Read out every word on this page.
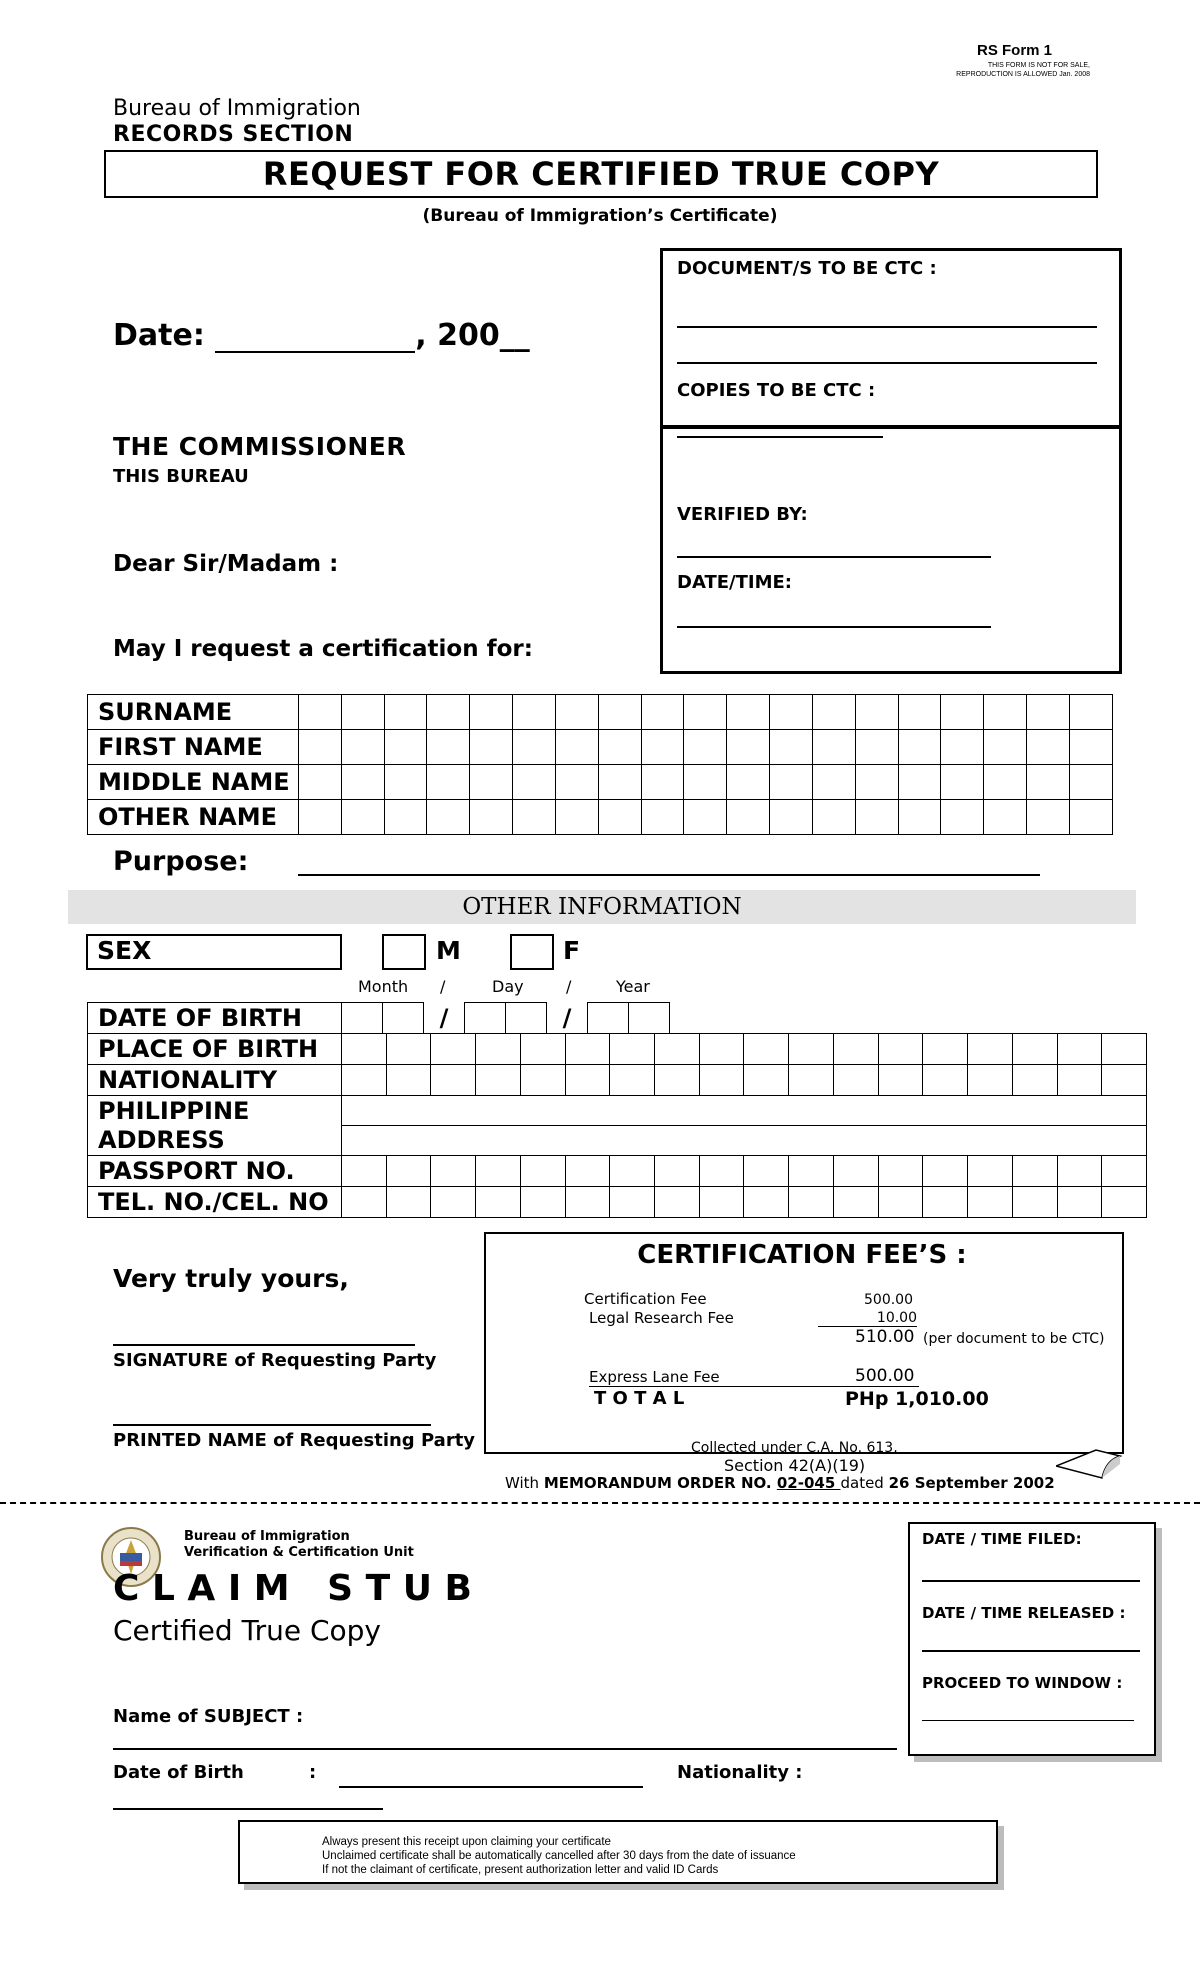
RS Form 1
THIS FORM IS NOT FOR SALE,
REPRODUCTION IS ALLOWED Jan. 2008
Bureau of Immigration
RECORDS SECTION
REQUEST FOR CERTIFIED TRUE COPY
(Bureau of Immigration’s Certificate)
Date:	, 200__
THE COMMISSIONER
THIS BUREAU
Dear Sir/Madam :
May I request a certification for:
DOCUMENT/S TO BE CTC :
COPIES TO BE CTC :
VERIFIED BY:
DATE/TIME:
SURNAME																			
FIRST NAME																			
MIDDLE NAME																			
OTHER NAME																			
Purpose:
OTHER INFORMATION
SEX	M	F
Month /	Day	/	Year
DATE OF BIRTH			/			/		
PLACE OF BIRTH																		
NATIONALITY																		
PHILIPPINE																		
ADDRESS																		
PASSPORT NO.																		
TEL. NO./CEL. NO																		
Very truly yours,
SIGNATURE of Requesting Party
PRINTED NAME of Requesting Party
CERTIFICATION FEE’S :
Certification Fee	500.00
Legal Research Fee	10.00
510.00 (per document to be CTC)
Express Lane Fee	500.00
T O T A L	PHp 1,010.00
Collected under C.A. No. 613,
Section 42(A)(19)
With MEMORANDUM ORDER NO. 02-045 dated 26 September 2002
Bureau of Immigration
Verification & Certification Unit
C L A I M   S T U B
Certified True Copy
Name of SUBJECT :
Date of Birth	:	Nationality :
DATE / TIME FILED:
DATE / TIME RELEASED :
PROCEED TO WINDOW :
Always present this receipt upon claiming your certificate
Unclaimed certificate shall be automatically cancelled after 30 days from the date of issuance
If not the claimant of certificate, present authorization letter and valid ID Cards
